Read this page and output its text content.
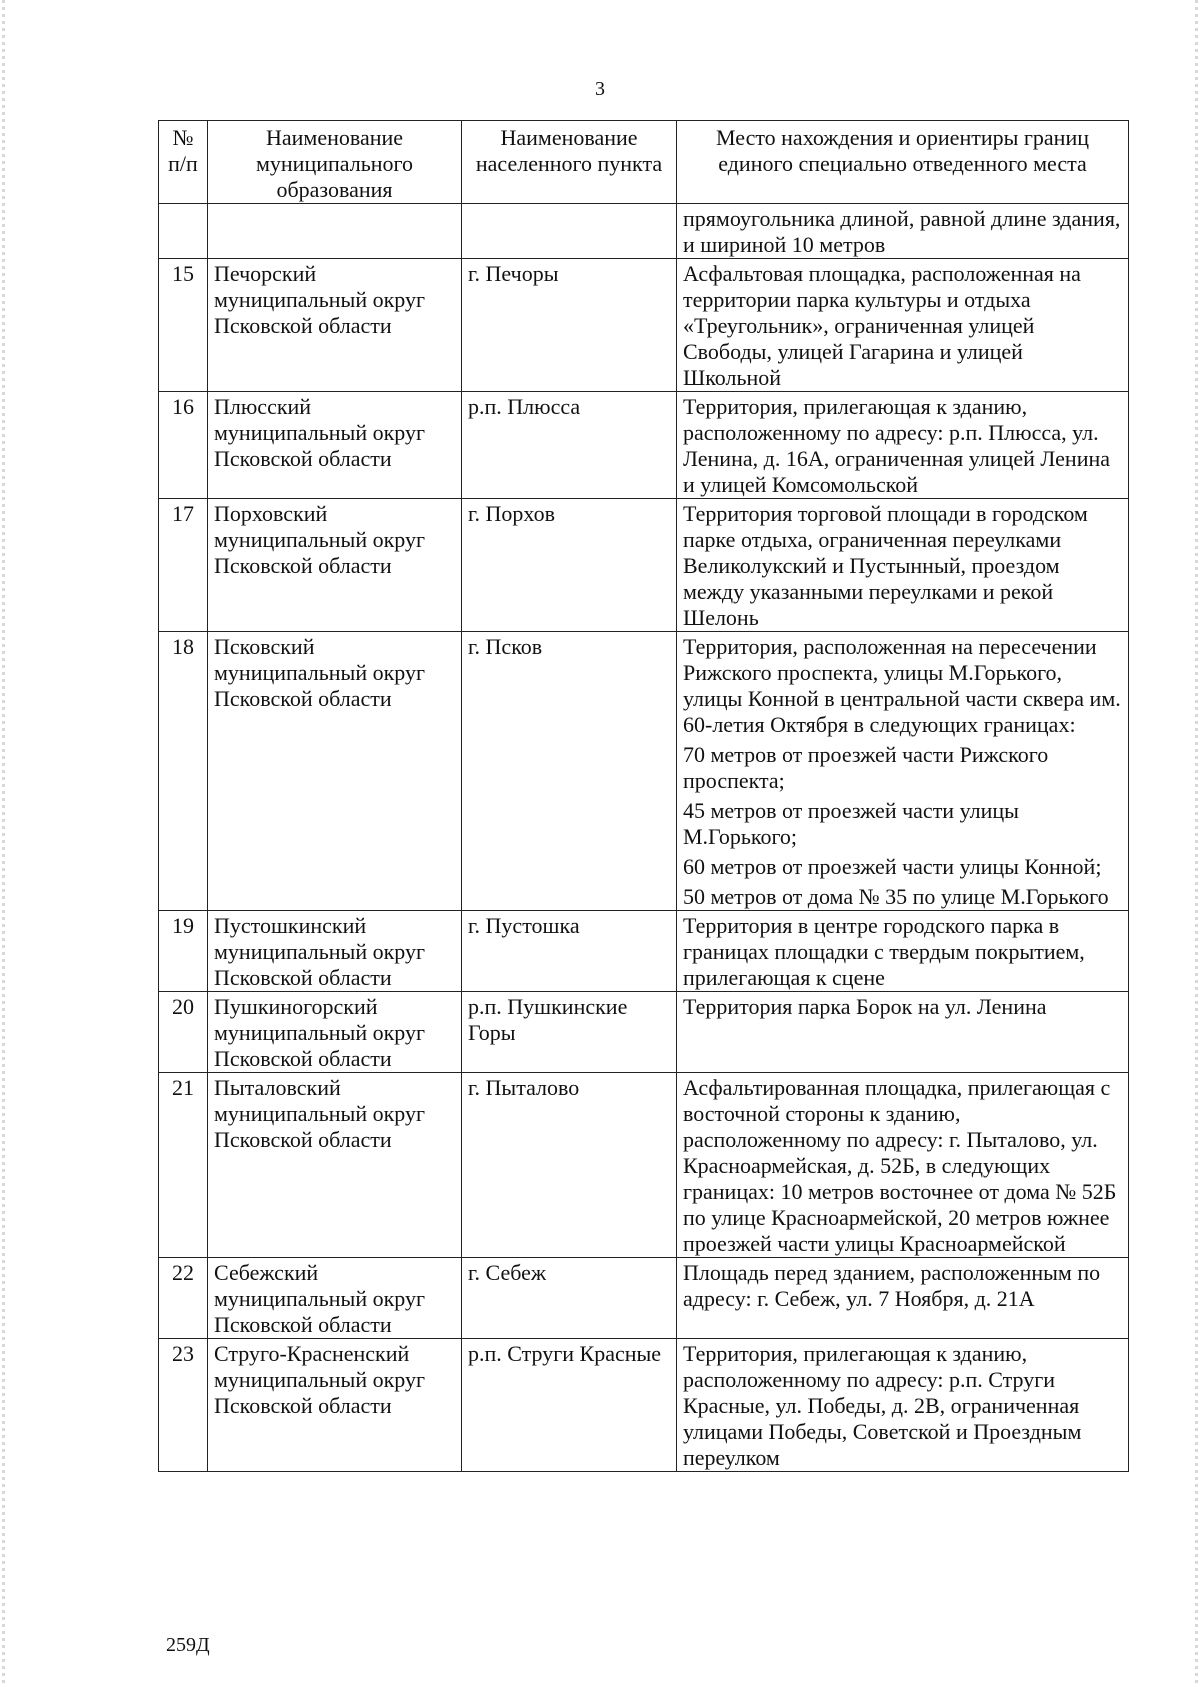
3
№ п/п	Наименование муниципального образования	Наименование населенного пункта	Место нахождения и ориентиры границ единого специально отведенного места

			прямоугольника длиной, равной длине здания, и шириной 10 метров

15	Печорский муниципальный округ Псковской области	г. Печоры	Асфальтовая площадка, расположенная на территории парка культуры и отдыха «Треугольник», ограниченная улицей Свободы, улицей Гагарина и улицей Школьной

16	Плюсский муниципальный округ Псковской области	р.п. Плюсса	Территория, прилегающая к зданию, расположенному по адресу: р.п. Плюсса, ул. Ленина, д. 16А, ограниченная улицей Ленина и улицей Комсомольской

17	Порховский муниципальный округ Псковской области	г. Порхов	Территория торговой площади в городском парке отдыха, ограниченная переулками Великолукский и Пустынный, проездом между указанными переулками и рекой Шелонь

18	Псковский муниципальный округ Псковской области	г. Псков	Территория, расположенная на пересечении Рижского проспекта, улицы М.Горького, улицы Конной в центральной части сквера им. 60-летия Октября в следующих границах:
70 метров от проезжей части Рижского проспекта;
45 метров от проезжей части улицы М.Горького;
60 метров от проезжей части улицы Конной;
50 метров от дома № 35 по улице М.Горького

19	Пустошкинский муниципальный округ Псковской области	г. Пустошка	Территория в центре городского парка в границах площадки с твердым покрытием, прилегающая к сцене

20	Пушкиногорский муниципальный округ Псковской области	р.п. Пушкинские Горы	Территория парка Борок на ул. Ленина

21	Пыталовский муниципальный округ Псковской области	г. Пыталово	Асфальтированная площадка, прилегающая с восточной стороны к зданию, расположенному по адресу: г. Пыталово, ул. Красноармейская, д. 52Б, в следующих границах: 10 метров восточнее от дома № 52Б по улице Красноармейской, 20 метров южнее проезжей части улицы Красноармейской

22	Себежский муниципальный округ Псковской области	г. Себеж	Площадь перед зданием, расположенным по адресу: г. Себеж, ул. 7 Ноября, д. 21А

23	Струго-Красненский муниципальный округ Псковской области	р.п. Струги Красные	Территория, прилегающая к зданию, расположенному по адресу: р.п. Струги Красные, ул. Победы, д. 2В, ограниченная улицами Победы, Советской и Проездным переулком
259Д
